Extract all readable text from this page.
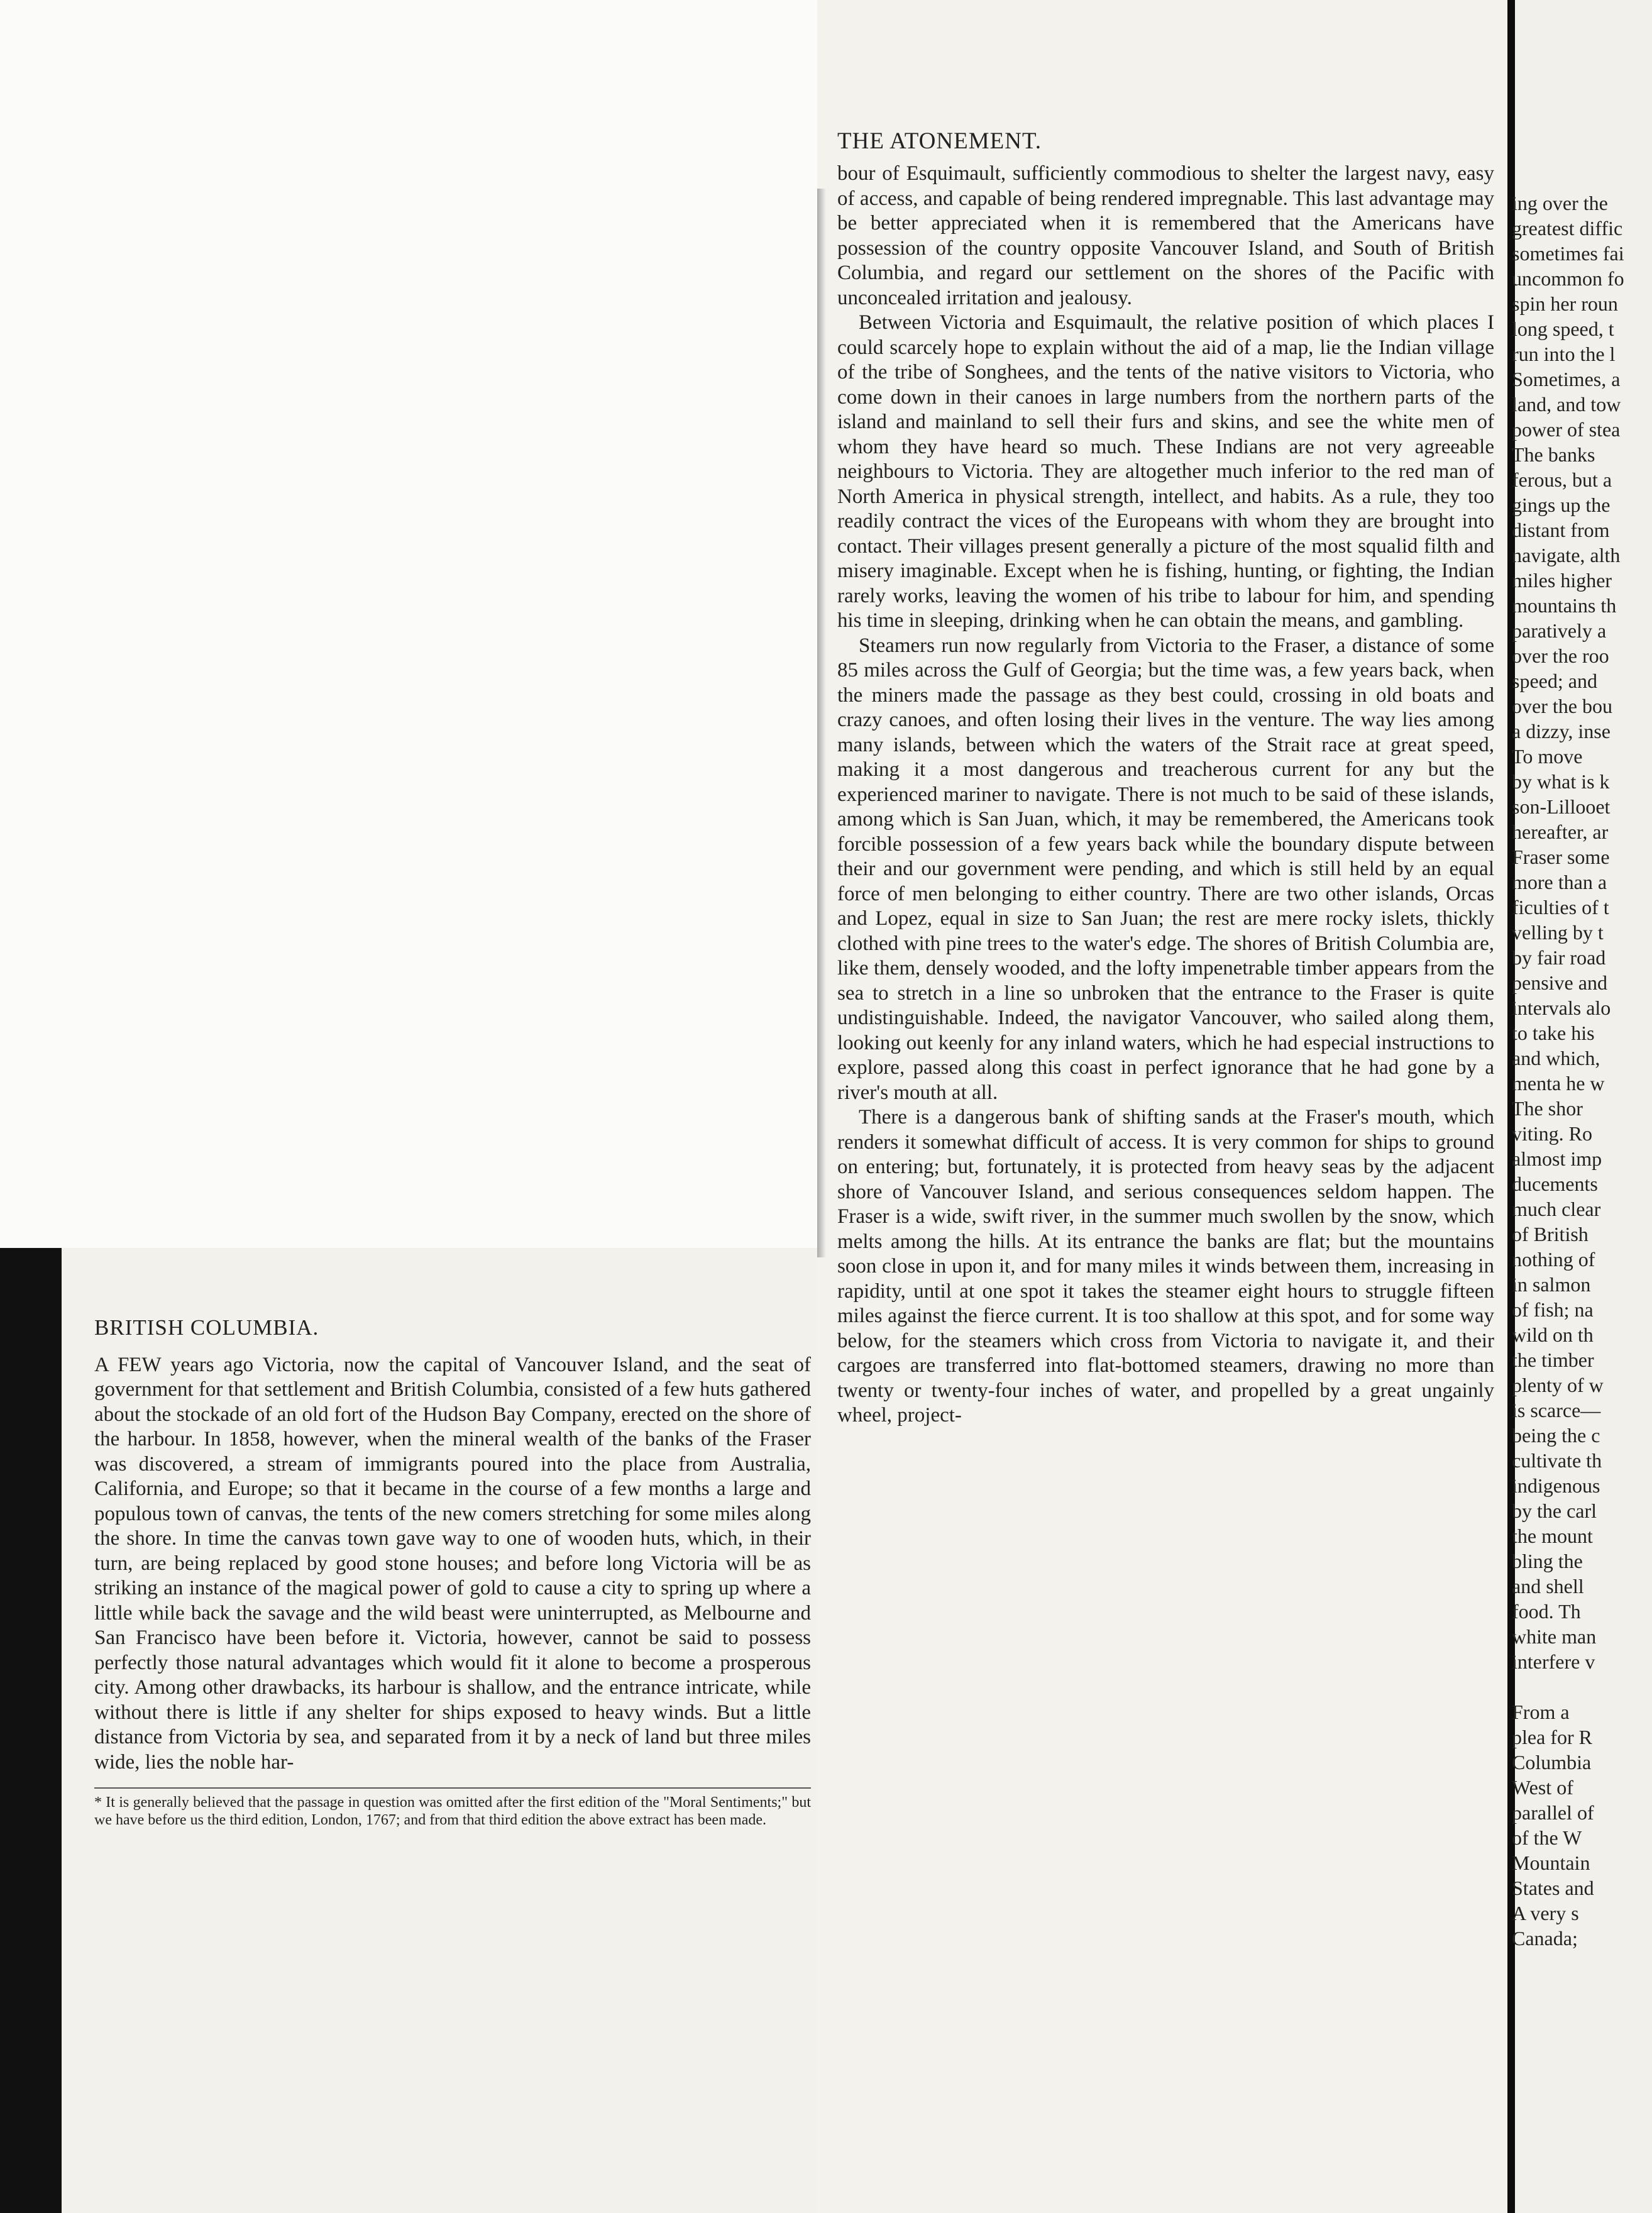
THE ATONEMENT.

bour of Esquimault, sufficiently commodious to shelter the largest navy, easy of access, and capable of being rendered impregnable. This last advantage may be better appreciated when it is remembered that the Americans have possession of the country opposite Vancouver Island, and South of British Columbia, and regard our settlement on the shores of the Pacific with unconcealed irritation and jealousy.

Between Victoria and Esquimault, the relative position of which places I could scarcely hope to explain without the aid of a map, lie the Indian village of the tribe of Songhees, and the tents of the native visitors to Victoria, who come down in their canoes in large numbers from the northern parts of the island and mainland to sell their furs and skins, and see the white men of whom they have heard so much. These Indians are not very agreeable neighbours to Victoria. They are altogether much inferior to the red man of North America in physical strength, intellect, and habits. As a rule, they too readily contract the vices of the Europeans with whom they are brought into contact. Their villages present generally a picture of the most squalid filth and misery imaginable. Except when he is fishing, hunting, or fighting, the Indian rarely works, leaving the women of his tribe to labour for him, and spending his time in sleeping, drinking when he can obtain the means, and gambling.

Steamers run now regularly from Victoria to the Fraser, a distance of some 85 miles across the Gulf of Georgia; but the time was, a few years back, when the miners made the passage as they best could, crossing in old boats and crazy canoes, and often losing their lives in the venture. The way lies among many islands, between which the waters of the Strait race at great speed, making it a most dangerous and treacherous current for any but the experienced mariner to navigate. There is not much to be said of these islands, among which is San Juan, which, it may be remembered, the Americans took forcible possession of a few years back while the boundary dispute between their and our government were pending, and which is still held by an equal force of men belonging to either country. There are two other islands, Orcas and Lopez, equal in size to San Juan; the rest are mere rocky islets, thickly clothed with pine trees to the water's edge. The shores of British Columbia are, like them, densely wooded, and the lofty impenetrable timber appears from the sea to stretch in a line so unbroken that the entrance to the Fraser is quite undistinguishable. Indeed, the navigator Vancouver, who sailed along them, looking out keenly for any inland waters, which he had especial instructions to explore, passed along this coast in perfect ignorance that he had gone by a river's mouth at all.

There is a dangerous bank of shifting sands at the Fraser's mouth, which renders it somewhat difficult of access. It is very common for ships to ground on entering; but, fortunately, it is protected from heavy seas by the adjacent shore of Vancouver Island, and serious consequences seldom happen. The Fraser is a wide, swift river, in the summer much swollen by the snow, which melts among the hills. At its entrance the banks are flat; but the mountains soon close in upon it, and for many miles it winds between them, increasing in rapidity, until at one spot it takes the steamer eight hours to struggle fifteen miles against the fierce current. It is too shallow at this spot, and for some way below, for the steamers which cross from Victoria to navigate it, and their cargoes are transferred into flat-bottomed steamers, drawing no more than twenty or twenty-four inches of water, and propelled by a great ungainly wheel, project-

BRITISH COLUMBIA.

A FEW years ago Victoria, now the capital of Vancouver Island, and the seat of government for that settlement and British Columbia, consisted of a few huts gathered about the stockade of an old fort of the Hudson Bay Company, erected on the shore of the harbour. In 1858, however, when the mineral wealth of the banks of the Fraser was discovered, a stream of immigrants poured into the place from Australia, California, and Europe; so that it became in the course of a few months a large and populous town of canvas, the tents of the new comers stretching for some miles along the shore. In time the canvas town gave way to one of wooden huts, which, in their turn, are being replaced by good stone houses; and before long Victoria will be as striking an instance of the magical power of gold to cause a city to spring up where a little while back the savage and the wild beast were uninterrupted, as Melbourne and San Francisco have been before it. Victoria, however, cannot be said to possess perfectly those natural advantages which would fit it alone to become a prosperous city. Among other drawbacks, its harbour is shallow, and the entrance intricate, while without there is little if any shelter for ships exposed to heavy winds. But a little distance from Victoria by sea, and separated from it by a neck of land but three miles wide, lies the noble har-

* It is generally believed that the passage in question was omitted after the first edition of the "Moral Sentiments;" but we have before us the third edition, London, 1767; and from that third edition the above extract has been made.
ing over the
greatest diffic
sometimes fai
uncommon fo
spin her roun
long speed, t
run into the l
Sometimes, a
land, and tow
power of stea
The banks
ferous, but a
gings up the
distant from
navigate, alth
miles higher
mountains th
paratively a
over the roo
speed; and
over the bou
a dizzy, inse
To move
by what is k
son-Lillooet
hereafter, ar
Fraser some
more than a
ficulties of t
velling by t
by fair road
pensive and
intervals alo
to take his
and which,
menta he w
The shor
viting. Ro
almost imp
ducements
much clear
of British
nothing of
in salmon
of fish; na
wild on th
the timber
plenty of w
is scarce—
being the c
cultivate th
indigenous
by the carl
the mount
bling the
and shell
food. Th
white man
interfere v

From a
plea for R
Columbia
West of
parallel of
of the W
Mountain
States and
A very s
Canada;
